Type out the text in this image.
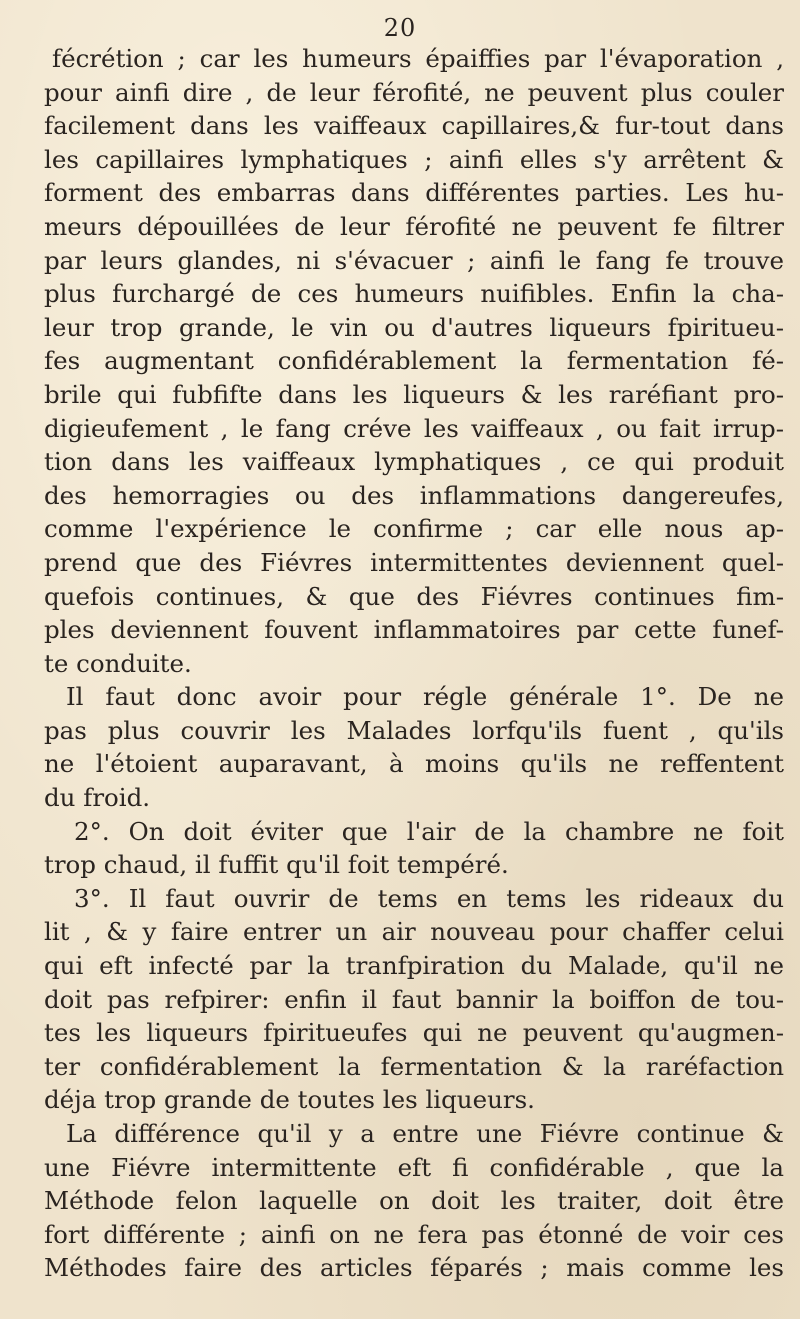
20
fécrétion ; car les humeurs épaiffies par l'évaporation ,
pour ainfi dire , de leur férofité, ne peuvent plus couler
facilement dans les vaiffeaux capillaires,& fur-tout dans
les capillaires lymphatiques ; ainfi elles s'y arrêtent &
forment des embarras dans différentes parties. Les hu-
meurs dépouillées de leur férofité ne peuvent fe filtrer
par leurs glandes, ni s'évacuer ; ainfi le fang fe trouve
plus furchargé de ces humeurs nuifibles. Enfin la cha-
leur trop grande, le vin ou d'autres liqueurs fpiritueu-
fes augmentant confidérablement la fermentation fé-
brile qui fubfifte dans les liqueurs & les raréfiant pro-
digieufement , le fang créve les vaiffeaux , ou fait irrup-
tion dans les vaiffeaux lymphatiques , ce qui produit
des hemorragies ou des inflammations dangereufes,
comme l'expérience le confirme ; car elle nous ap-
prend que des Fiévres intermittentes deviennent quel-
quefois continues, & que des Fiévres continues fim-
ples deviennent fouvent inflammatoires par cette funef-
te conduite.
Il faut donc avoir pour régle générale 1°. De ne
pas plus couvrir les Malades lorfqu'ils fuent , qu'ils
ne l'étoient auparavant, à moins qu'ils ne reffentent
du froid.
2°. On doit éviter que l'air de la chambre ne foit
trop chaud, il fuffit qu'il foit tempéré.
3°. Il faut ouvrir de tems en tems les rideaux du
lit , & y faire entrer un air nouveau pour chaffer celui
qui eft infecté par la tranfpiration du Malade, qu'il ne
doit pas refpirer: enfin il faut bannir la boiffon de tou-
tes les liqueurs fpiritueufes qui ne peuvent qu'augmen-
ter confidérablement la fermentation & la raréfaction
déja trop grande de toutes les liqueurs.
La différence qu'il y a entre une Fiévre continue &
une Fiévre intermittente eft fi confidérable , que la
Méthode felon laquelle on doit les traiter, doit être
fort différente ; ainfi on ne fera pas étonné de voir ces
Méthodes faire des articles féparés ; mais comme les
